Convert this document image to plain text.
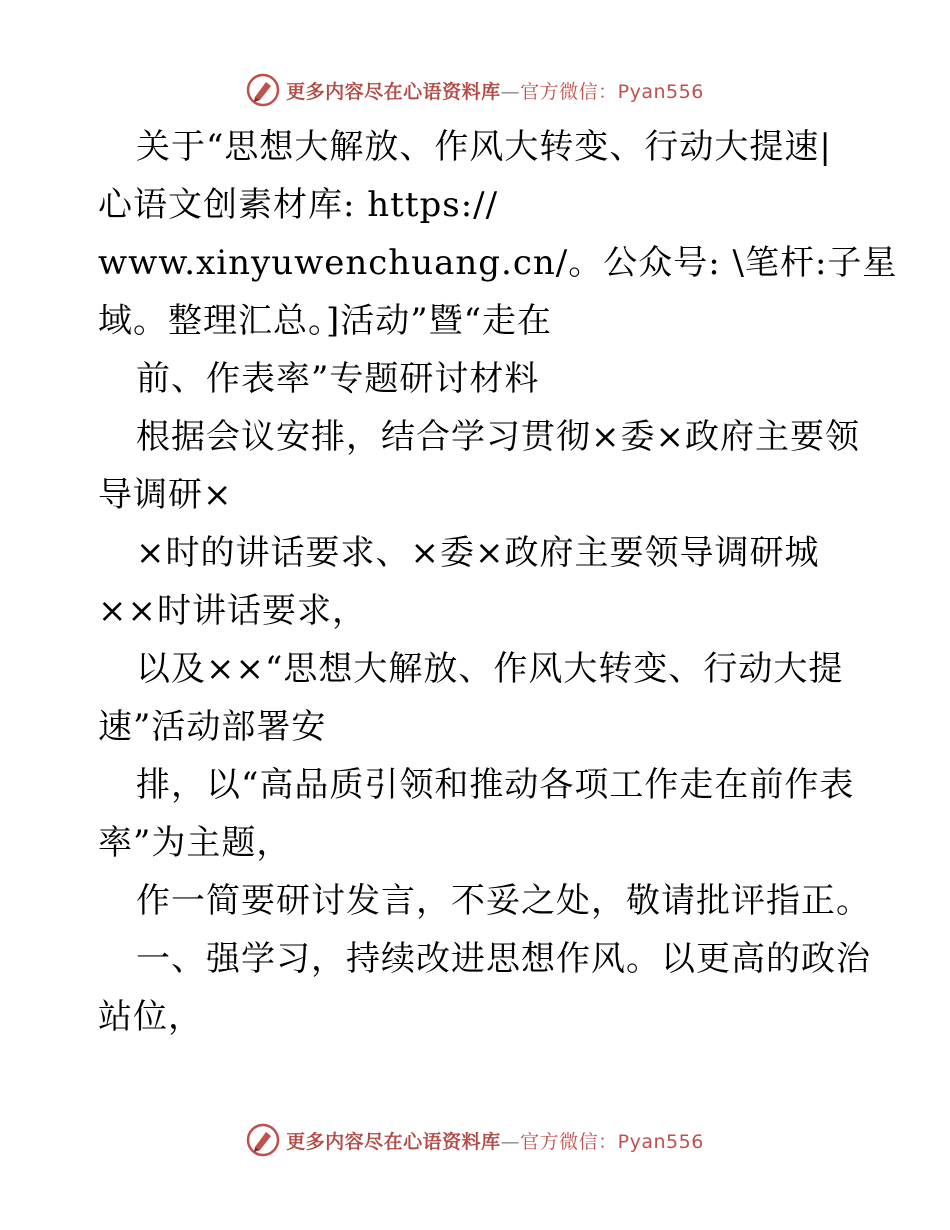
更多内容尽在心语资料库—官方微信：Pyan556
关于“思想大解放、作风大转变、行动大提速|
心语文创素材库: https://
www.xinyuwenchuang.cn/。公众号: \笔杆:子星
域。整理汇总。]活动”暨“走在
前、作表率”专题研讨材料
根据会议安排，结合学习贯彻×委×政府主要领
导调研×
×时的讲话要求、×委×政府主要领导调研城
××时讲话要求，
以及××“思想大解放、作风大转变、行动大提
速”活动部署安
排，以“高品质引领和推动各项工作走在前作表
率”为主题，
作一简要研讨发言，不妥之处，敬请批评指正。
一、强学习，持续改进思想作风。以更高的政治
站位，
更多内容尽在心语资料库—官方微信：Pyan556
